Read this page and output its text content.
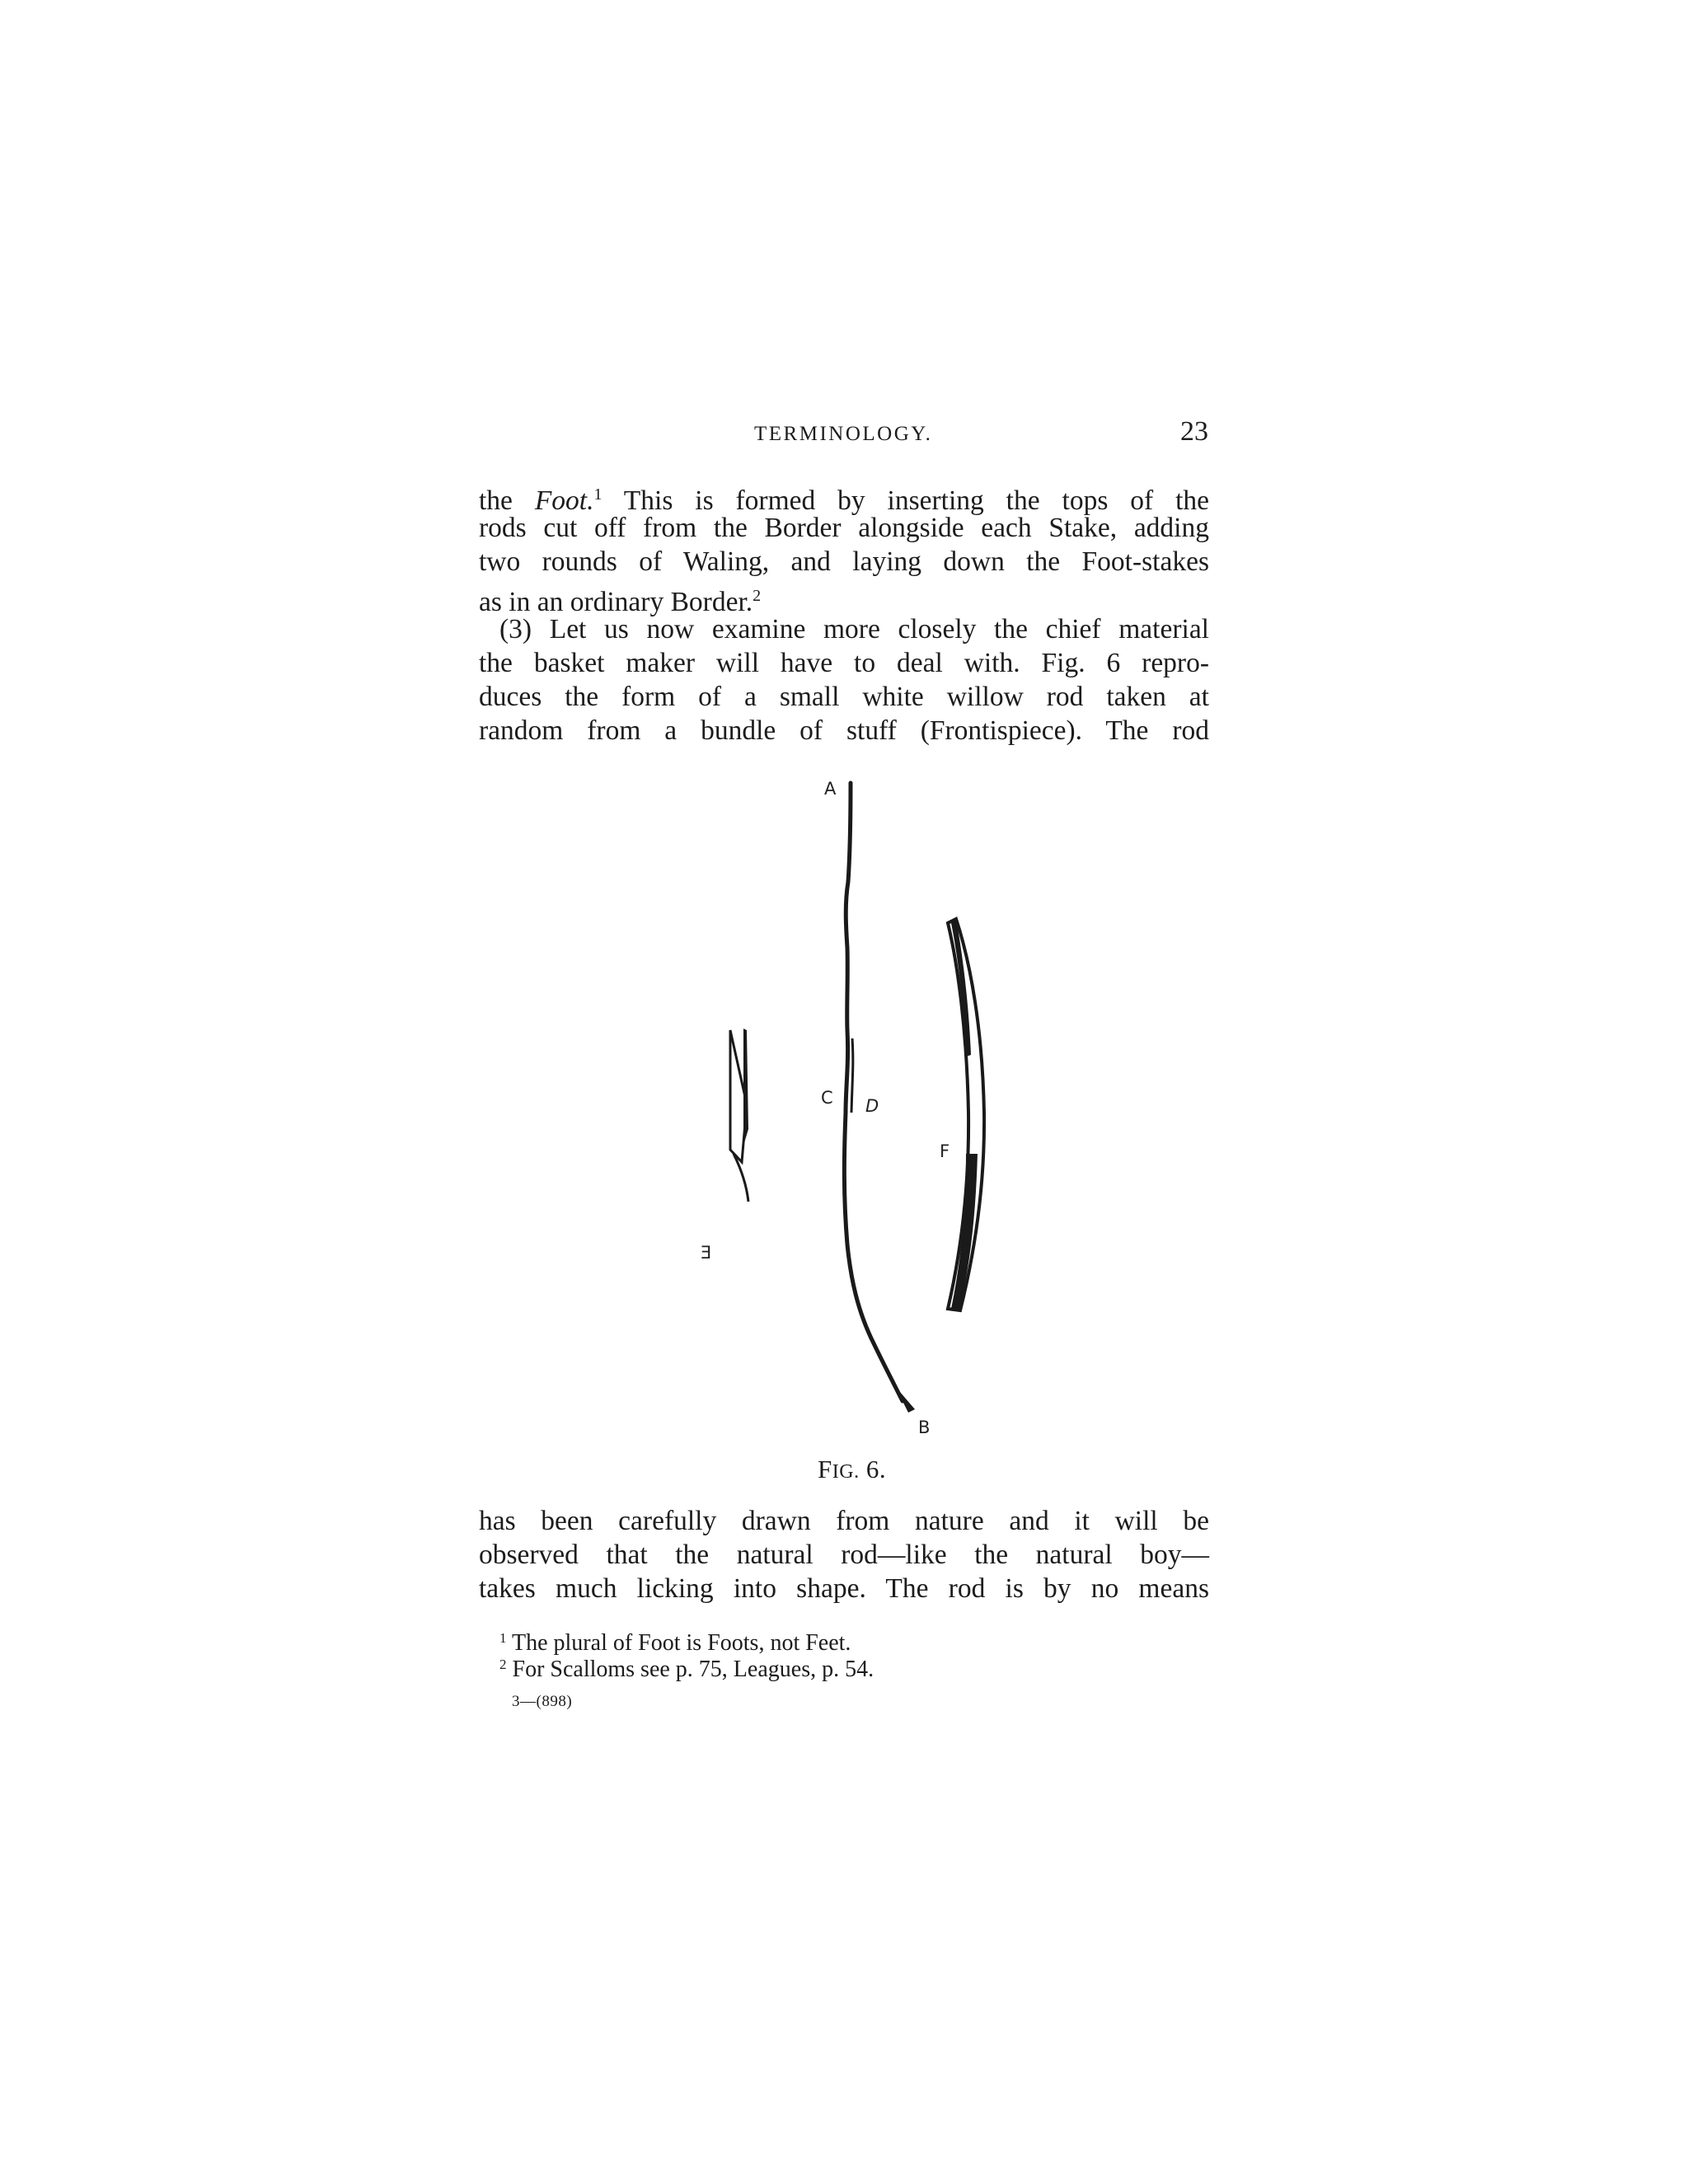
TERMINOLOGY.	23
the Foot.$^1$ This is formed by inserting the tops of the
rods cut off from the Border alongside each Stake, adding
two rounds of Waling, and laying down the Foot-stakes
as in an ordinary Border.$^2$
(3) Let us now examine more closely the chief material
the basket maker will have to deal with. Fig. 6 repro-
duces the form of a small white willow rod taken at
random from a bundle of stuff (Frontispiece). The rod
A
B
C D
E
F
FIG. 6.
has been carefully drawn from nature and it will be
observed that the natural rod—like the natural boy—
takes much licking into shape. The rod is by no means
$^1$ The plural of Foot is Foots, not Feet.
$^2$ For Scalloms see p. 75, Leagues, p. 54.
3—(898)
